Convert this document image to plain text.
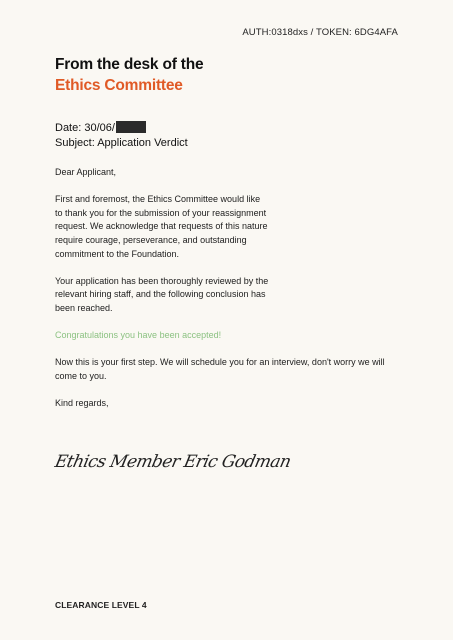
AUTH:0318dxs / TOKEN: 6DG4AFA
From the desk of the
Ethics Committee
Date: 30/06/
Subject: Application Verdict

Dear Applicant,

First and foremost, the Ethics Committee would like to thank you for the submission of your reassignment request. We acknowledge that requests of this nature require courage, perseverance, and outstanding commitment to the Foundation.

Your application has been thoroughly reviewed by the relevant hiring staff, and the following conclusion has been reached.

Congratulations you have been accepted!

Now this is your first step. We will schedule you for an interview, don't worry we will come to you.

Kind regards,

Ethics Member Eric Godman
CLEARANCE LEVEL 4
